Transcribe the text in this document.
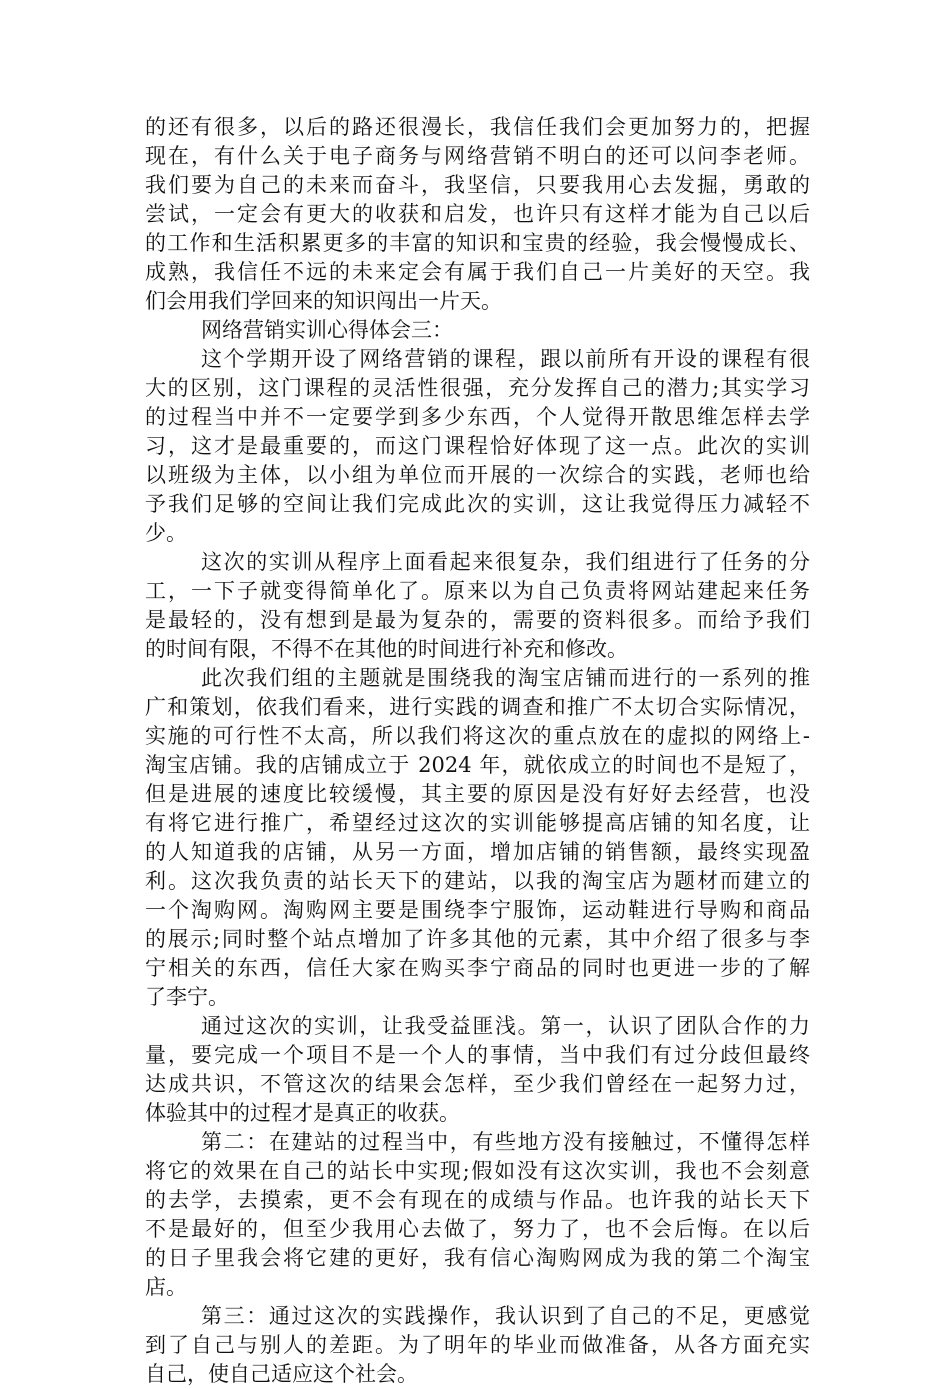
的还有很多，以后的路还很漫长，我信任我们会更加努力的，把握
现在，有什么关于电子商务与网络营销不明白的还可以问李老师。
我们要为自己的未来而奋斗，我坚信，只要我用心去发掘，勇敢的
尝试，一定会有更大的收获和启发，也许只有这样才能为自己以后
的工作和生活积累更多的丰富的知识和宝贵的经验，我会慢慢成长、
成熟，我信任不远的未来定会有属于我们自己一片美好的天空。我
们会用我们学回来的知识闯出一片天。
网络营销实训心得体会三：
这个学期开设了网络营销的课程，跟以前所有开设的课程有很
大的区别，这门课程的灵活性很强，充分发挥自己的潜力;其实学习
的过程当中并不一定要学到多少东西，个人觉得开散思维怎样去学
习，这才是最重要的，而这门课程恰好体现了这一点。此次的实训
以班级为主体，以小组为单位而开展的一次综合的实践，老师也给
予我们足够的空间让我们完成此次的实训，这让我觉得压力减轻不
少。
这次的实训从程序上面看起来很复杂，我们组进行了任务的分
工，一下子就变得简单化了。原来以为自己负责将网站建起来任务
是最轻的，没有想到是最为复杂的，需要的资料很多。而给予我们
的时间有限，不得不在其他的时间进行补充和修改。
此次我们组的主题就是围绕我的淘宝店铺而进行的一系列的推
广和策划，依我们看来，进行实践的调查和推广不太切合实际情况，
实施的可行性不太高，所以我们将这次的重点放在的虚拟的网络上-
淘宝店铺。我的店铺成立于 2024 年，就依成立的时间也不是短了，
但是进展的速度比较缓慢，其主要的原因是没有好好去经营，也没
有将它进行推广，希望经过这次的实训能够提高店铺的知名度，让
的人知道我的店铺，从另一方面，增加店铺的销售额，最终实现盈
利。这次我负责的站长天下的建站，以我的淘宝店为题材而建立的
一个淘购网。淘购网主要是围绕李宁服饰，运动鞋进行导购和商品
的展示;同时整个站点增加了许多其他的元素，其中介绍了很多与李
宁相关的东西，信任大家在购买李宁商品的同时也更进一步的了解
了李宁。
通过这次的实训，让我受益匪浅。第一，认识了团队合作的力
量，要完成一个项目不是一个人的事情，当中我们有过分歧但最终
达成共识，不管这次的结果会怎样，至少我们曾经在一起努力过，
体验其中的过程才是真正的收获。
第二：在建站的过程当中，有些地方没有接触过，不懂得怎样
将它的效果在自己的站长中实现;假如没有这次实训，我也不会刻意
的去学，去摸索，更不会有现在的成绩与作品。也许我的站长天下
不是最好的，但至少我用心去做了，努力了，也不会后悔。在以后
的日子里我会将它建的更好，我有信心淘购网成为我的第二个淘宝
店。
第三：通过这次的实践操作，我认识到了自己的不足，更感觉
到了自己与别人的差距。为了明年的毕业而做准备，从各方面充实
自己，使自己适应这个社会。
